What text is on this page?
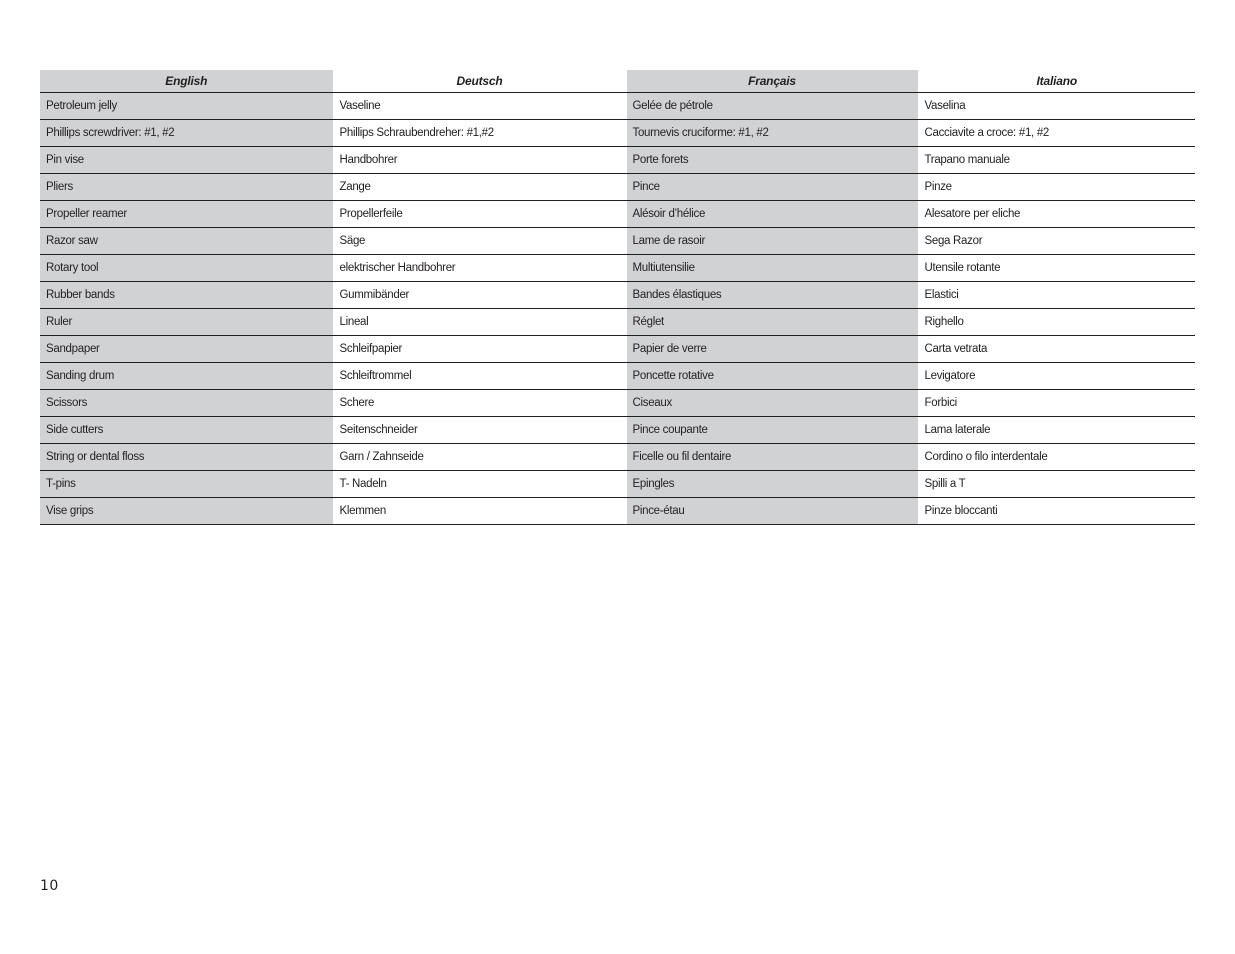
English	Deutsch	Français	Italiano
Petroleum jelly	Vaseline	Gelée de pétrole	Vaselina
Phillips screwdriver: #1, #2	Phillips Schraubendreher: #1,#2	Tournevis cruciforme: #1, #2	Cacciavite a croce: #1, #2
Pin vise	Handbohrer	Porte forets	Trapano manuale
Pliers	Zange	Pince	Pinze
Propeller reamer	Propellerfeile	Alésoir d’hélice	Alesatore per eliche
Razor saw	Säge	Lame de rasoir	Sega Razor
Rotary tool	elektrischer Handbohrer	Multiutensilie	Utensile rotante
Rubber bands	Gummibänder	Bandes élastiques	Elastici
Ruler	Lineal	Réglet	Righello
Sandpaper	Schleifpapier	Papier de verre	Carta vetrata
Sanding drum	Schleiftrommel	Poncette rotative	Levigatore
Scissors	Schere	Ciseaux	Forbici
Side cutters	Seitenschneider	Pince coupante	Lama laterale
String or dental floss	Garn / Zahnseide	Ficelle ou fil dentaire	Cordino o filo interdentale
T-pins	T- Nadeln	Epingles	Spilli a T
Vise grips	Klemmen	Pince-étau	Pinze bloccanti
10
